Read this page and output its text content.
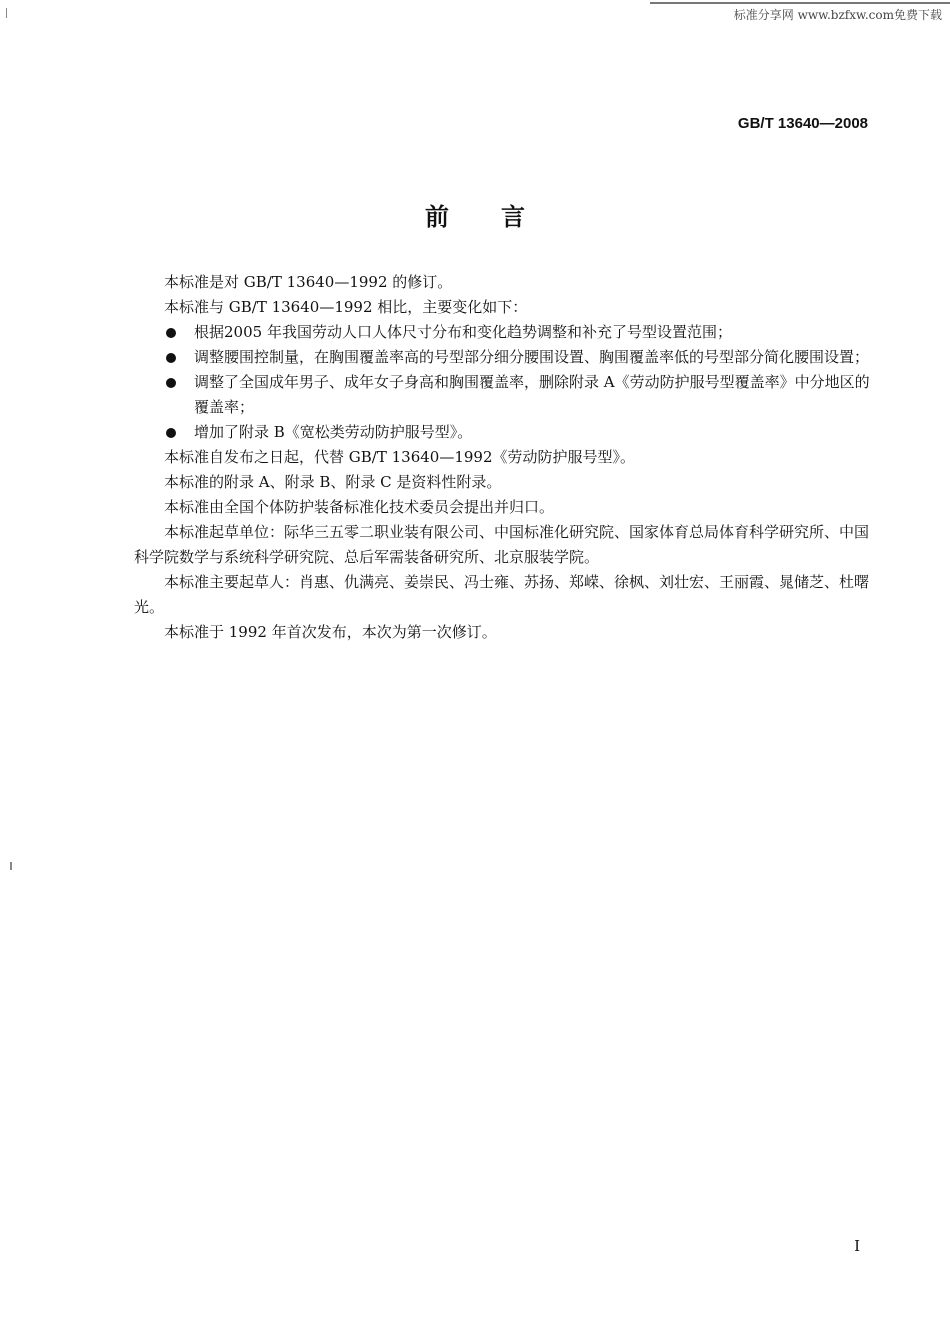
标准分享网 www.bzfxw.com免费下载
GB/T 13640—2008
前言

本标准是对 GB/T 13640—1992 的修订。

本标准与 GB/T 13640—1992 相比，主要变化如下：

根据2005 年我国劳动人口人体尺寸分布和变化趋势调整和补充了号型设置范围；
调整腰围控制量，在胸围覆盖率高的号型部分细分腰围设置、胸围覆盖率低的号型部分简化腰围设置；
调整了全国成年男子、成年女子身高和胸围覆盖率，删除附录 A《劳动防护服号型覆盖率》中分地区的覆盖率；
增加了附录 B《宽松类劳动防护服号型》。

本标准自发布之日起，代替 GB/T 13640—1992《劳动防护服号型》。

本标准的附录 A、附录 B、附录 C 是资料性附录。

本标准由全国个体防护装备标准化技术委员会提出并归口。

本标准起草单位：际华三五零二职业装有限公司、中国标准化研究院、国家体育总局体育科学研究所、中国科学院数学与系统科学研究院、总后军需装备研究所、北京服装学院。

本标准主要起草人：肖惠、仇满亮、姜崇民、冯士雍、苏扬、郑嵘、徐枫、刘壮宏、王丽霞、晁储芝、杜曙光。

本标准于 1992 年首次发布，本次为第一次修订。

I
